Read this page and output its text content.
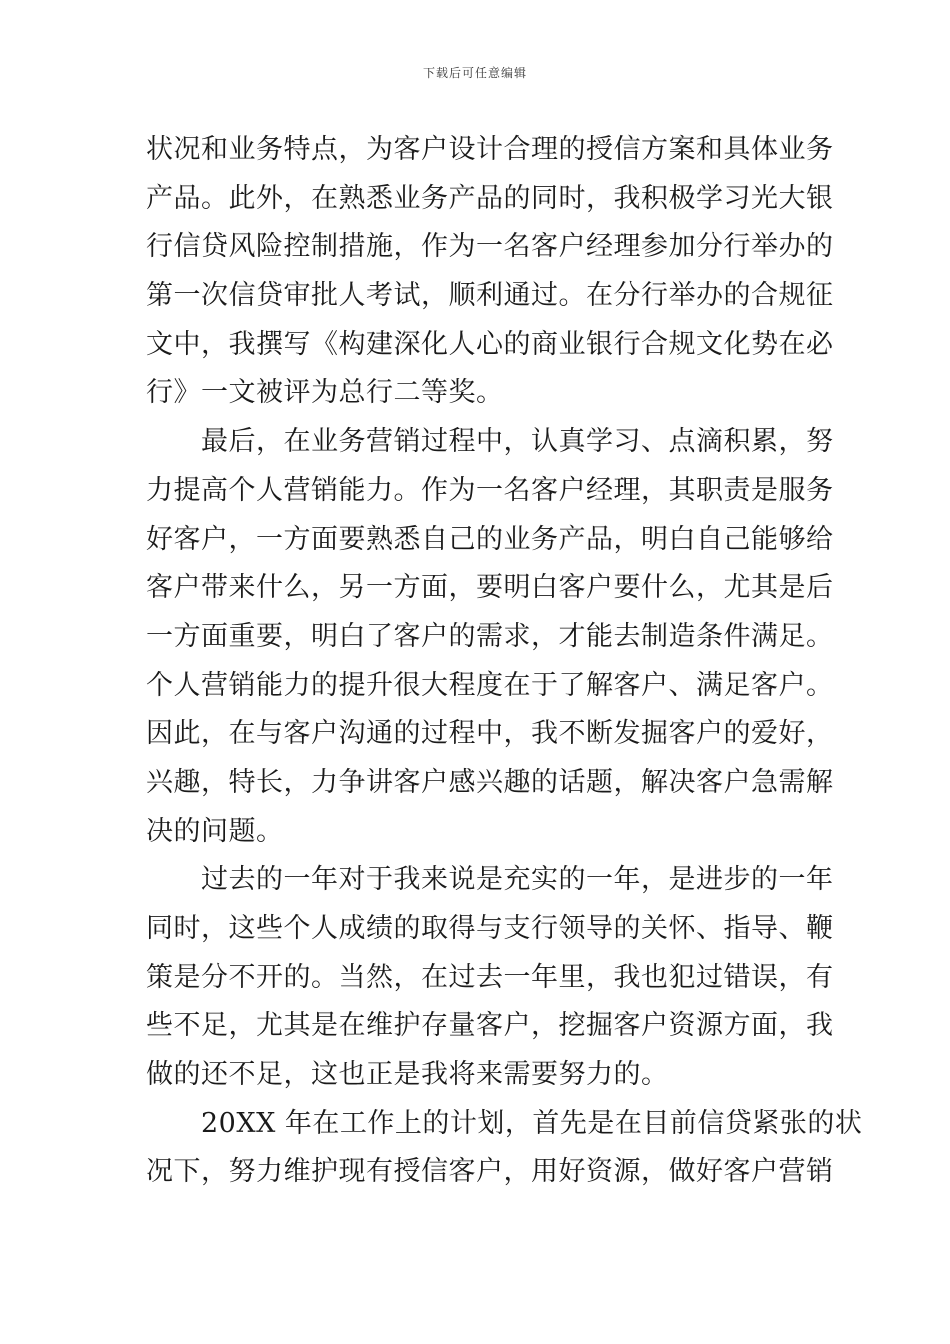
下载后可任意编辑
状况和业务特点，为客户设计合理的授信方案和具体业务
产品。此外，在熟悉业务产品的同时，我积极学习光大银
行信贷风险控制措施，作为一名客户经理参加分行举办的
第一次信贷审批人考试，顺利通过。在分行举办的合规征
文中，我撰写《构建深化人心的商业银行合规文化势在必
行》一文被评为总行二等奖。
　　最后，在业务营销过程中，认真学习、点滴积累，努
力提高个人营销能力。作为一名客户经理，其职责是服务
好客户，一方面要熟悉自己的业务产品，明白自己能够给
客户带来什么，另一方面，要明白客户要什么，尤其是后
一方面重要，明白了客户的需求，才能去制造条件满足。
个人营销能力的提升很大程度在于了解客户、满足客户。
因此，在与客户沟通的过程中，我不断发掘客户的爱好，
兴趣，特长，力争讲客户感兴趣的话题，解决客户急需解
决的问题。
　　过去的一年对于我来说是充实的一年，是进步的一年
同时，这些个人成绩的取得与支行领导的关怀、指导、鞭
策是分不开的。当然，在过去一年里，我也犯过错误，有
些不足，尤其是在维护存量客户，挖掘客户资源方面，我
做的还不足，这也正是我将来需要努力的。
　　20XX 年在工作上的计划，首先是在目前信贷紧张的状
况下，努力维护现有授信客户，用好资源，做好客户营销
